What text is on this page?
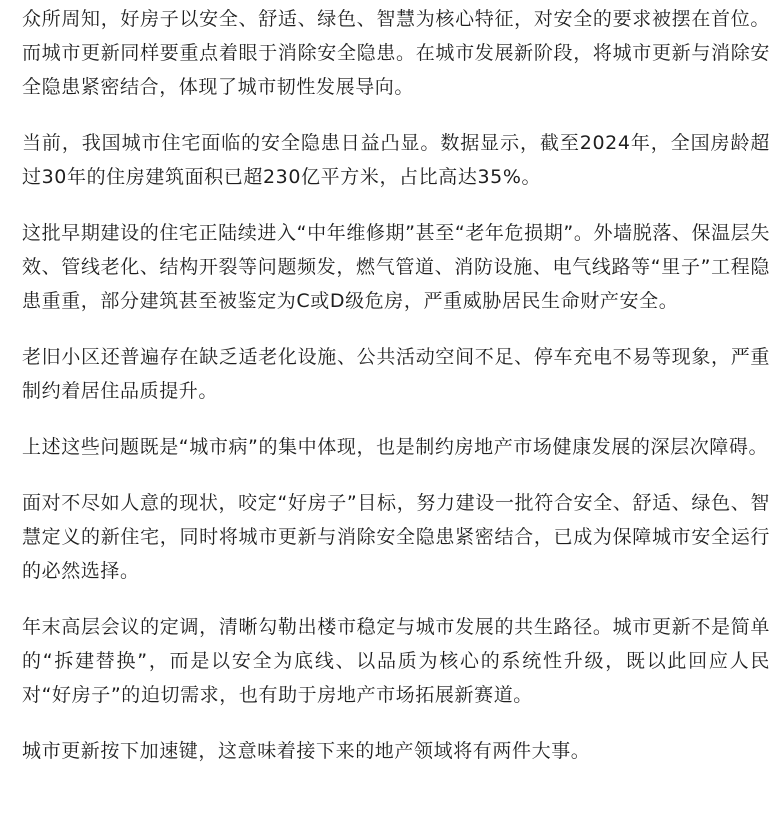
众所周知，好房子以安全、舒适、绿色、智慧为核心特征，对安全的要求被摆在首位。而城市更新同样要重点着眼于消除安全隐患。在城市发展新阶段，将城市更新与消除安全隐患紧密结合，体现了城市韧性发展导向。

当前，我国城市住宅面临的安全隐患日益凸显。数据显示，截至2024年，全国房龄超过30年的住房建筑面积已超230亿平方米，占比高达35%。

这批早期建设的住宅正陆续进入“中年维修期”甚至“老年危损期”。外墙脱落、保温层失效、管线老化、结构开裂等问题频发，燃气管道、消防设施、电气线路等“里子”工程隐患重重，部分建筑甚至被鉴定为C或D级危房，严重威胁居民生命财产安全。

老旧小区还普遍存在缺乏适老化设施、公共活动空间不足、停车充电不易等现象，严重制约着居住品质提升。

上述这些问题既是“城市病”的集中体现，也是制约房地产市场健康发展的深层次障碍。

面对不尽如人意的现状，咬定“好房子”目标，努力建设一批符合安全、舒适、绿色、智慧定义的新住宅，同时将城市更新与消除安全隐患紧密结合，已成为保障城市安全运行的必然选择。

年末高层会议的定调，清晰勾勒出楼市稳定与城市发展的共生路径。城市更新不是简单的“拆建替换”，而是以安全为底线、以品质为核心的系统性升级，既以此回应人民对“好房子”的迫切需求，也有助于房地产市场拓展新赛道。

城市更新按下加速键，这意味着接下来的地产领域将有两件大事。
